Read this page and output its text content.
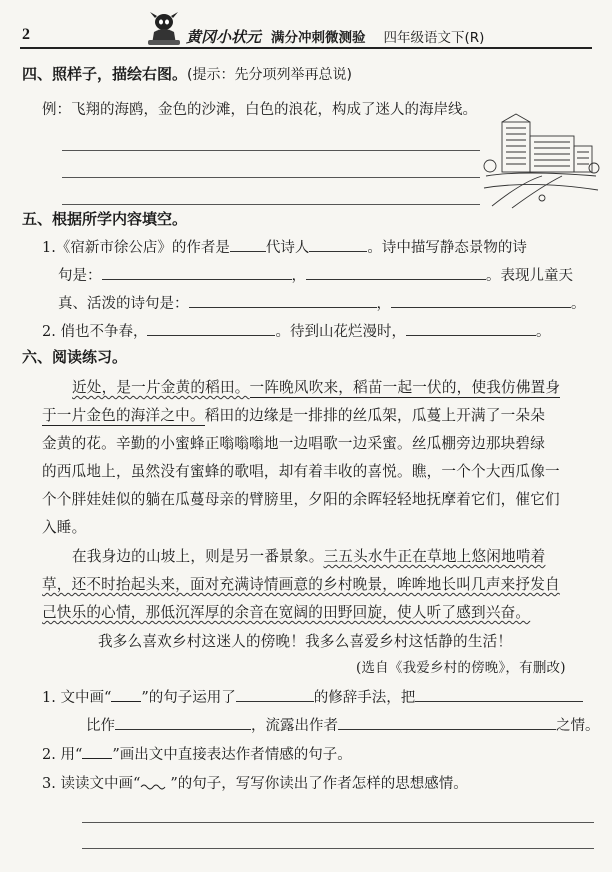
2	黄冈小状元 满分冲刺微测验 四年级语文下(R)
四、照样子，描绘右图。(提示：先分项列举再总说)
例：飞翔的海鸥，金色的沙滩，白色的浪花，构成了迷人的海岸线。
五、根据所学内容填空。
1.《宿新市徐公店》的作者是 代诗人	。诗中描写静态景物的诗
句是：	，	。表现儿童天
真、活泼的诗句是：	，	。
2. 俏也不争春，	。待到山花烂漫时，	。
六、阅读练习。
近处，是一片金黄的稻田。一阵晚风吹来，稻苗一起一伏的，使我仿佛置身
于一片金色的海洋之中。稻田的边缘是一排排的丝瓜架，瓜蔓上开满了一朵朵
金黄的花。辛勤的小蜜蜂正嗡嗡嗡地一边唱歌一边采蜜。丝瓜棚旁边那块碧绿
的西瓜地上，虽然没有蜜蜂的歌唱，却有着丰收的喜悦。瞧，一个个大西瓜像一
个个胖娃娃似的躺在瓜蔓母亲的臂膀里，夕阳的余晖轻轻地抚摩着它们，催它们
入睡。
在我身边的山坡上，则是另一番景象。三五头水牛正在草地上悠闲地啃着
草，还不时抬起头来，面对充满诗情画意的乡村晚景，哞哞地长叫几声来抒发自
己快乐的心情，那低沉浑厚的余音在宽阔的田野回旋，使人听了感到兴奋。
我多么喜欢乡村这迷人的傍晚！我多么喜爱乡村这恬静的生活！
(选自《我爱乡村的傍晚》，有删改)
1. 文中画“ ”的句子运用了	的修辞手法，把
比作	，流露出作者	之情。
2. 用“ ”画出文中直接表达作者情感的句子。
3. 读读文中画“ ”的句子，写写你读出了作者怎样的思想感情。
